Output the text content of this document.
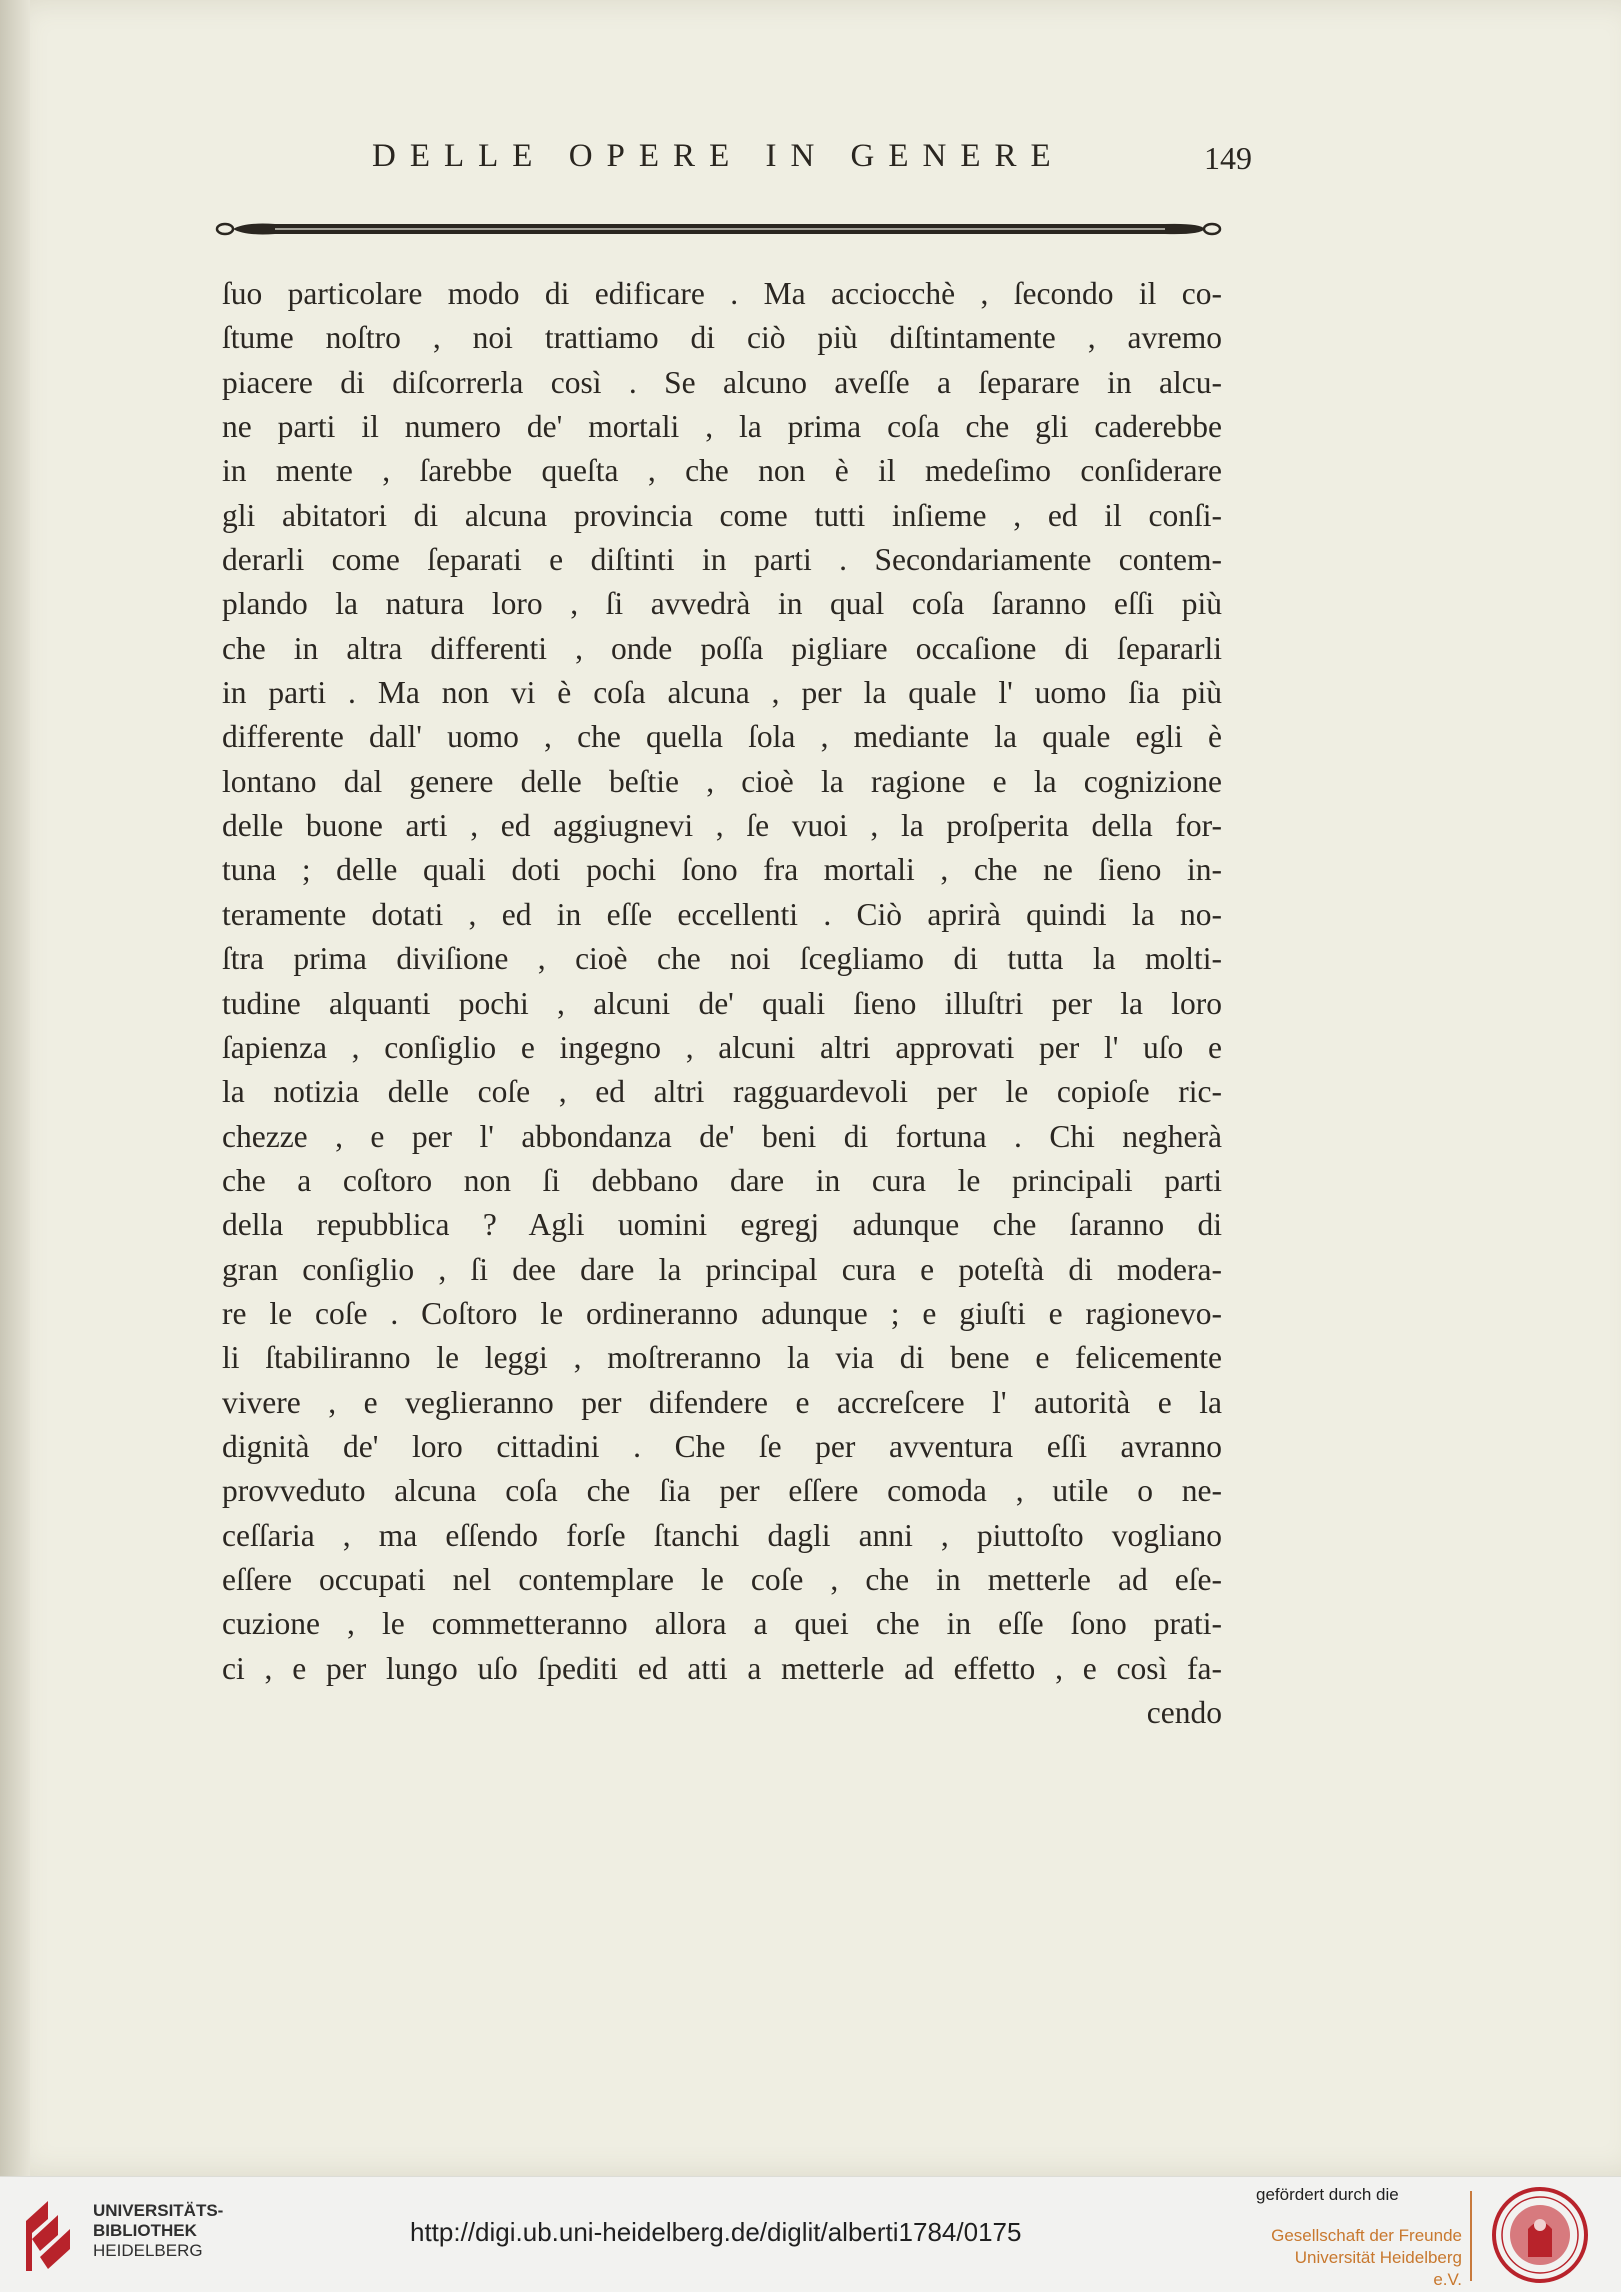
DELLE OPERE IN GENERE	149
ſuo particolare modo di edificare . Ma acciocchè , ſecondo il co-
ſtume noſtro , noi trattiamo di ciò più diſtintamente , avremo
piacere di diſcorrerla così . Se alcuno aveſſe a ſeparare in alcu-
ne parti il numero de' mortali , la prima coſa che gli caderebbe
in mente , ſarebbe queſta , che non è il medeſimo conſiderare
gli abitatori di alcuna provincia come tutti inſieme , ed il conſi-
derarli come ſeparati e diſtinti in parti . Secondariamente contem-
plando la natura loro , ſi avvedrà in qual coſa ſaranno eſſi più
che in altra differenti , onde poſſa pigliare occaſione di ſepararli
in parti . Ma non vi è coſa alcuna , per la quale l' uomo ſia più
differente dall' uomo , che quella ſola , mediante la quale egli è
lontano dal genere delle beſtie , cioè la ragione e la cognizione
delle buone arti , ed aggiugnevi , ſe vuoi , la proſperita della for-
tuna ; delle quali doti pochi ſono fra mortali , che ne ſieno in-
teramente dotati , ed in eſſe eccellenti . Ciò aprirà quindi la no-
ſtra prima diviſione , cioè che noi ſcegliamo di tutta la molti-
tudine alquanti pochi , alcuni de' quali ſieno illuſtri per la loro
ſapienza , conſiglio e ingegno , alcuni altri approvati per l' uſo e
la notizia delle coſe , ed altri ragguardevoli per le copioſe ric-
chezze , e per l' abbondanza de' beni di fortuna . Chi negherà
che a coſtoro non ſi debbano dare in cura le principali parti
della repubblica ? Agli uomini egregj adunque che ſaranno di
gran conſiglio , ſi dee dare la principal cura e poteſtà di modera-
re le coſe . Coſtoro le ordineranno adunque ; e giuſti e ragionevo-
li ſtabiliranno le leggi , moſtreranno la via di bene e felicemente
vivere , e veglieranno per difendere e accreſcere l' autorità e la
dignità de' loro cittadini . Che ſe per avventura eſſi avranno
provveduto alcuna coſa che ſia per eſſere comoda , utile o ne-
ceſſaria , ma eſſendo forſe ſtanchi dagli anni , piuttoſto vogliano
eſſere occupati nel contemplare le coſe , che in metterle ad eſe-
cuzione , le commetteranno allora a quei che in eſſe ſono prati-
ci , e per lungo uſo ſpediti ed atti a metterle ad effetto , e così fa-
cendo
UNIVERSITÄTS-
BIBLIOTHEK
HEIDELBERG
http://digi.ub.uni-heidelberg.de/diglit/alberti1784/0175
gefördert durch die
Gesellschaft der Freunde
Universität Heidelberg e.V.
